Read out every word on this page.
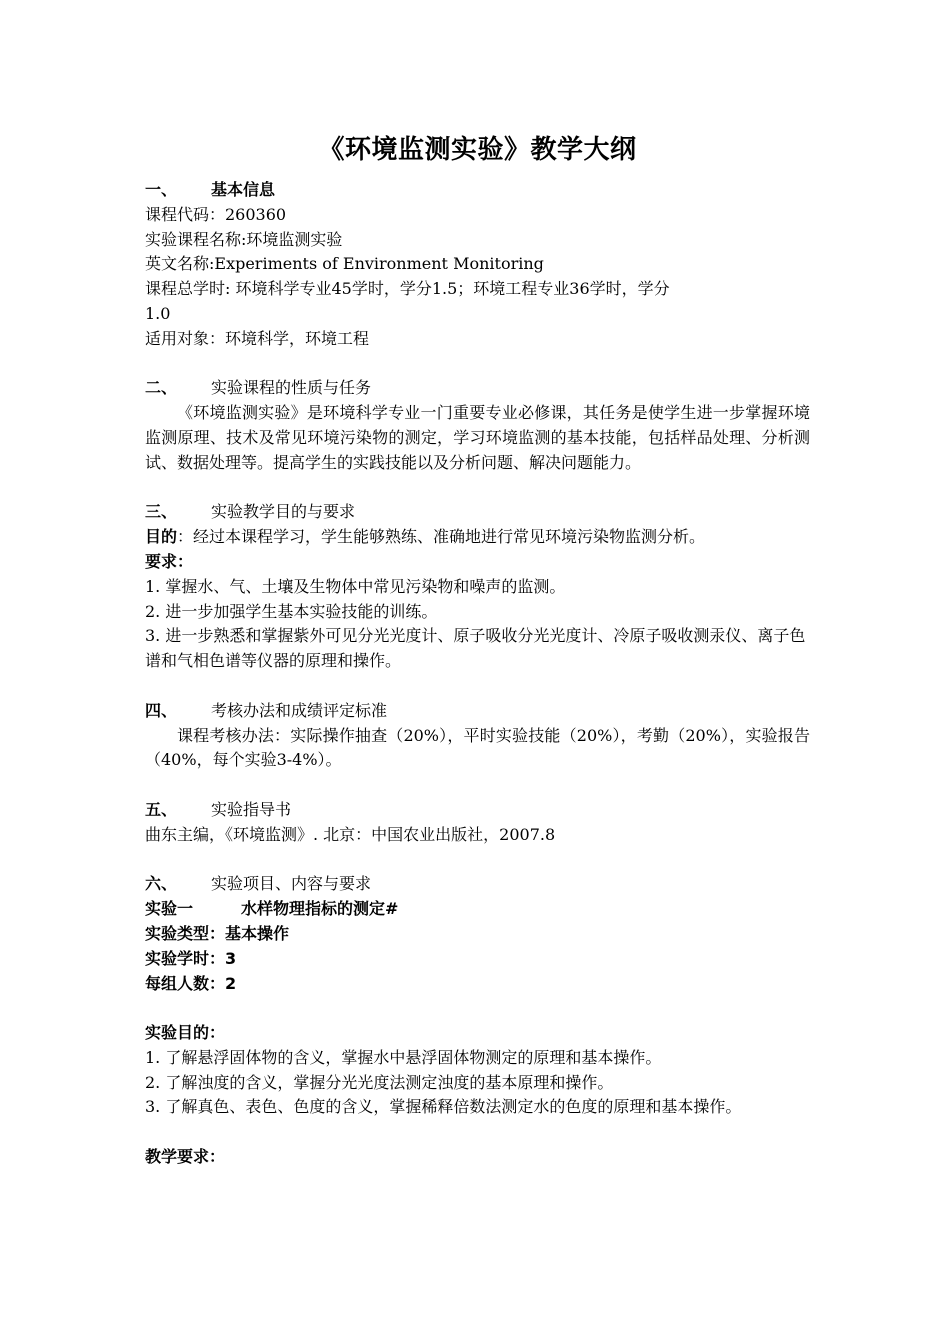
《环境监测实验》教学大纲

一、 基本信息

课程代码：260360

实验课程名称:环境监测实验

英文名称:Experiments of Environment Monitoring

课程总学时: 环境科学专业45学时，学分1.5；环境工程专业36学时，学分

1.0

适用对象：环境科学，环境工程

二、 实验课程的性质与任务

《环境监测实验》是环境科学专业一门重要专业必修课，其任务是使学生进一步掌握环境监测原理、技术及常见环境污染物的测定，学习环境监测的基本技能，包括样品处理、分析测试、数据处理等。提高学生的实践技能以及分析问题、解决问题能力。

三、 实验教学目的与要求

目的：经过本课程学习，学生能够熟练、准确地进行常见环境污染物监测分析。

要求：

1. 掌握水、气、土壤及生物体中常见污染物和噪声的监测。

2. 进一步加强学生基本实验技能的训练。

3. 进一步熟悉和掌握紫外可见分光光度计、原子吸收分光光度计、冷原子吸收测汞仪、离子色谱和气相色谱等仪器的原理和操作。

四、 考核办法和成绩评定标准

课程考核办法：实际操作抽查（20%），平时实验技能（20%），考勤（20%），实验报告（40%，每个实验3-4%）。

五、 实验指导书

曲东主编，《环境监测》. 北京：中国农业出版社，2007.8

六、 实验项目、内容与要求

实验一	水样物理指标的测定#

实验类型：基本操作

实验学时：3

每组人数：2

实验目的：

1. 了解悬浮固体物的含义，掌握水中悬浮固体物测定的原理和基本操作。

2. 了解浊度的含义，掌握分光光度法测定浊度的基本原理和操作。

3. 了解真色、表色、色度的含义，掌握稀释倍数法测定水的色度的原理和基本操作。

教学要求：
